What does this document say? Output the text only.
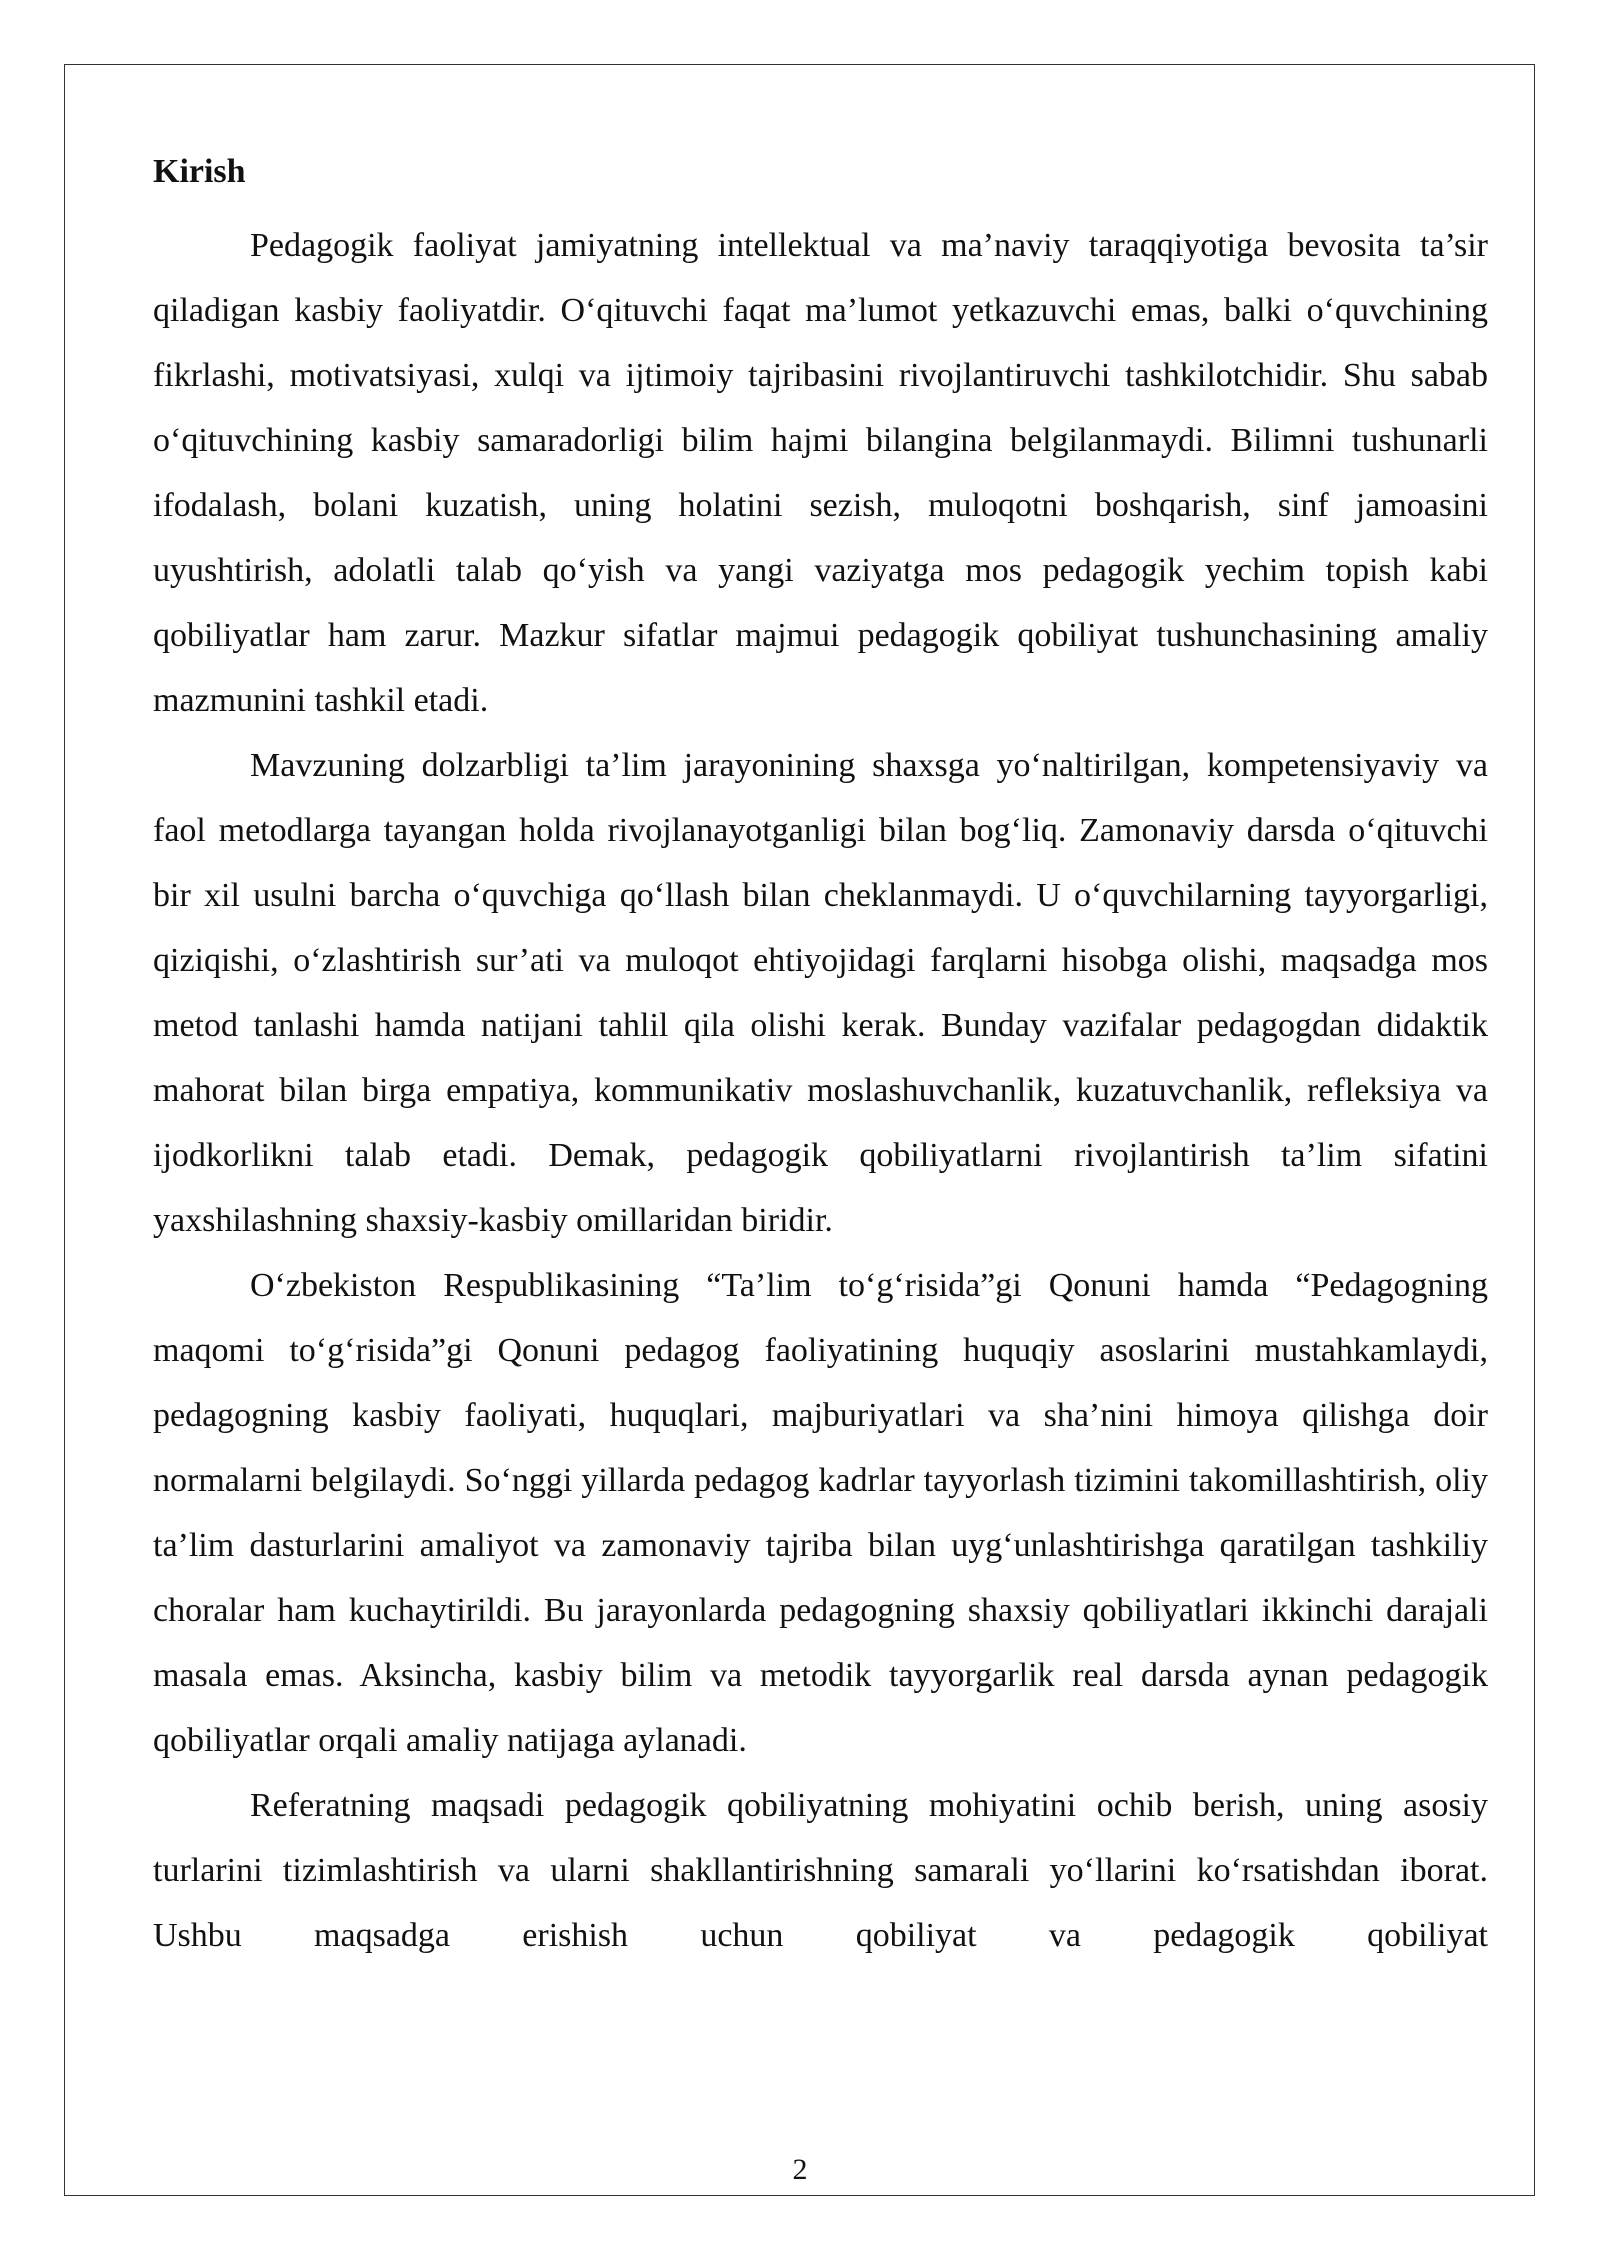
Kirish

Pedagogik faoliyat jamiyatning intellektual va ma’naviy taraqqiyotiga bevosita ta’sir qiladigan kasbiy faoliyatdir. O‘qituvchi faqat ma’lumot yetkazuvchi emas, balki o‘quvchining fikrlashi, motivatsiyasi, xulqi va ijtimoiy tajribasini rivojlantiruvchi tashkilotchidir. Shu sabab o‘qituvchining kasbiy samaradorligi bilim hajmi bilangina belgilanmaydi. Bilimni tushunarli ifodalash, bolani kuzatish, uning holatini sezish, muloqotni boshqarish, sinf jamoasini uyushtirish, adolatli talab qo‘yish va yangi vaziyatga mos pedagogik yechim topish kabi qobiliyatlar ham zarur. Mazkur sifatlar majmui pedagogik qobiliyat tushunchasining amaliy mazmunini tashkil etadi.

Mavzuning dolzarbligi ta’lim jarayonining shaxsga yo‘naltirilgan, kompetensiyaviy va faol metodlarga tayangan holda rivojlanayotganligi bilan bog‘liq. Zamonaviy darsda o‘qituvchi bir xil usulni barcha o‘quvchiga qo‘llash bilan cheklanmaydi. U o‘quvchilarning tayyorgarligi, qiziqishi, o‘zlashtirish sur’ati va muloqot ehtiyojidagi farqlarni hisobga olishi, maqsadga mos metod tanlashi hamda natijani tahlil qila olishi kerak. Bunday vazifalar pedagogdan didaktik mahorat bilan birga empatiya, kommunikativ moslashuvchanlik, kuzatuvchanlik, refleksiya va ijodkorlikni talab etadi. Demak, pedagogik qobiliyatlarni rivojlantirish ta’lim sifatini yaxshilashning shaxsiy-kasbiy omillaridan biridir.

O‘zbekiston Respublikasining “Ta’lim to‘g‘risida”gi Qonuni hamda “Pedagogning maqomi to‘g‘risida”gi Qonuni pedagog faoliyatining huquqiy asoslarini mustahkamlaydi, pedagogning kasbiy faoliyati, huquqlari, majburiyatlari va sha’nini himoya qilishga doir normalarni belgilaydi. So‘nggi yillarda pedagog kadrlar tayyorlash tizimini takomillashtirish, oliy ta’lim dasturlarini amaliyot va zamonaviy tajriba bilan uyg‘unlashtirishga qaratilgan tashkiliy choralar ham kuchaytirildi. Bu jarayonlarda pedagogning shaxsiy qobiliyatlari ikkinchi darajali masala emas. Aksincha, kasbiy bilim va metodik tayyorgarlik real darsda aynan pedagogik qobiliyatlar orqali amaliy natijaga aylanadi.

Referatning maqsadi pedagogik qobiliyatning mohiyatini ochib berish, uning asosiy turlarini tizimlashtirish va ularni shakllantirishning samarali yo‘llarini ko‘rsatishdan iborat. Ushbu maqsadga erishish uchun qobiliyat va pedagogik qobiliyat

2
